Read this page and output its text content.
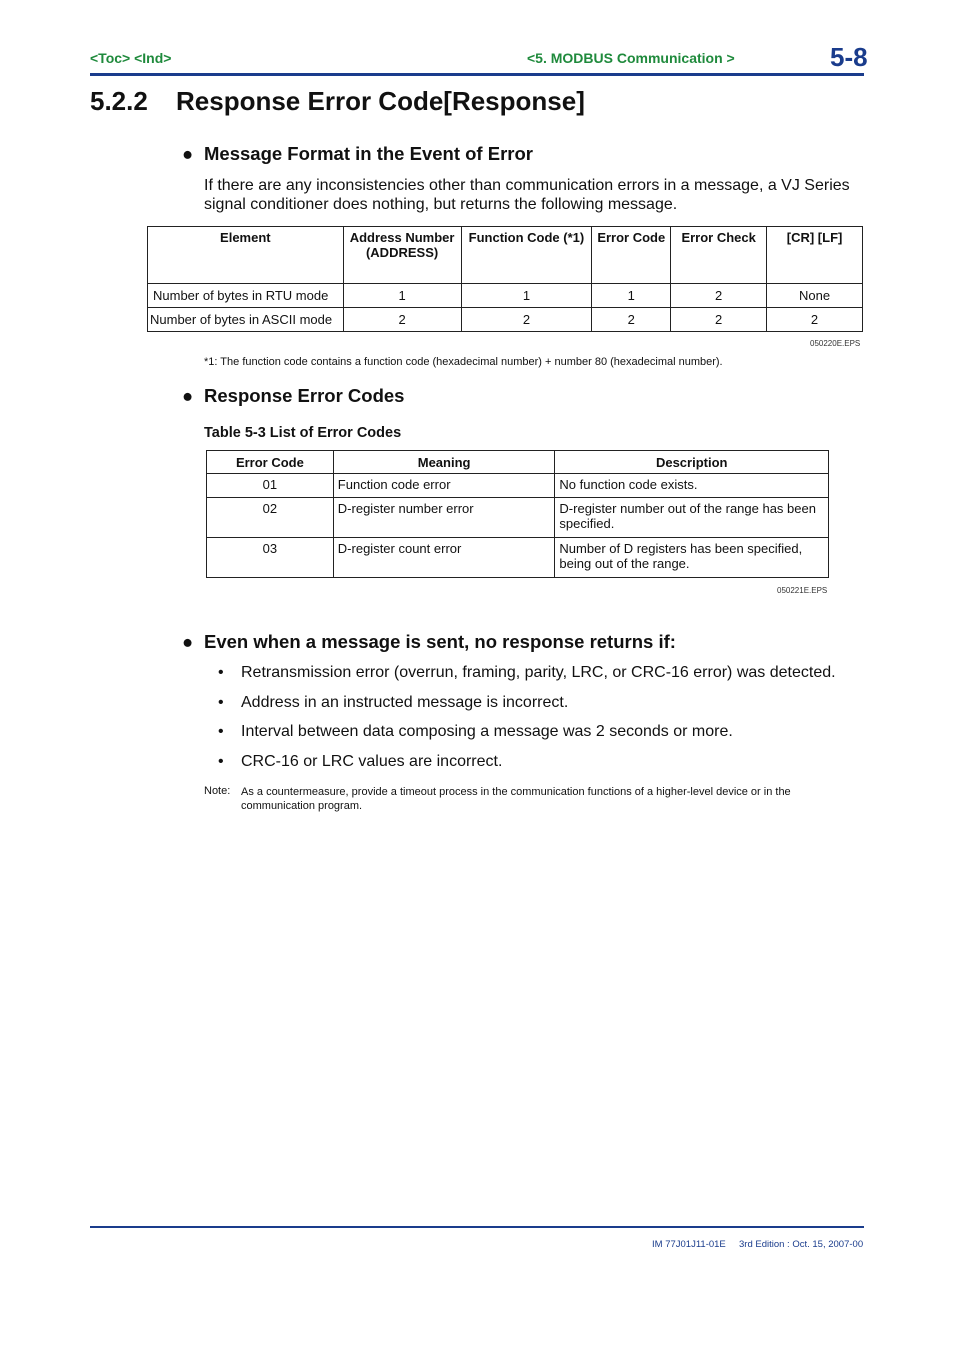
<Toc> <Ind>	<5. MODBUS Communication >	5-8
5.2.2 Response Error Code[Response]
● Message Format in the Event of Error
If there are any inconsistencies other than communication errors in a message, a VJ Series signal conditioner does nothing, but returns the following message.
Element	Address Number (ADDRESS)	Function Code (*1)	Error Code	Error Check	[CR] [LF]
Number of bytes in RTU mode	1	1	1	2	None
Number of bytes in ASCII mode	2	2	2	2	2
050220E.EPS
*1: The function code contains a function code (hexadecimal number) + number 80 (hexadecimal number).
● Response Error Codes
Table 5-3 List of Error Codes
Error Code	Meaning	Description
01	Function code error	No function code exists.
02	D-register number error	D-register number out of the range has been specified.
03	D-register count error	Number of D registers has been specified, being out of the range.
050221E.EPS
● Even when a message is sent, no response returns if:
• Retransmission error (overrun, framing, parity, LRC, or CRC-16 error) was detected.
• Address in an instructed message is incorrect.
• Interval between data composing a message was 2 seconds or more.
• CRC-16 or LRC values are incorrect.
Note: As a countermeasure, provide a timeout process in the communication functions of a higher-level device or in the communication program.
IM 77J01J11-01E 3rd Edition : Oct. 15, 2007-00
